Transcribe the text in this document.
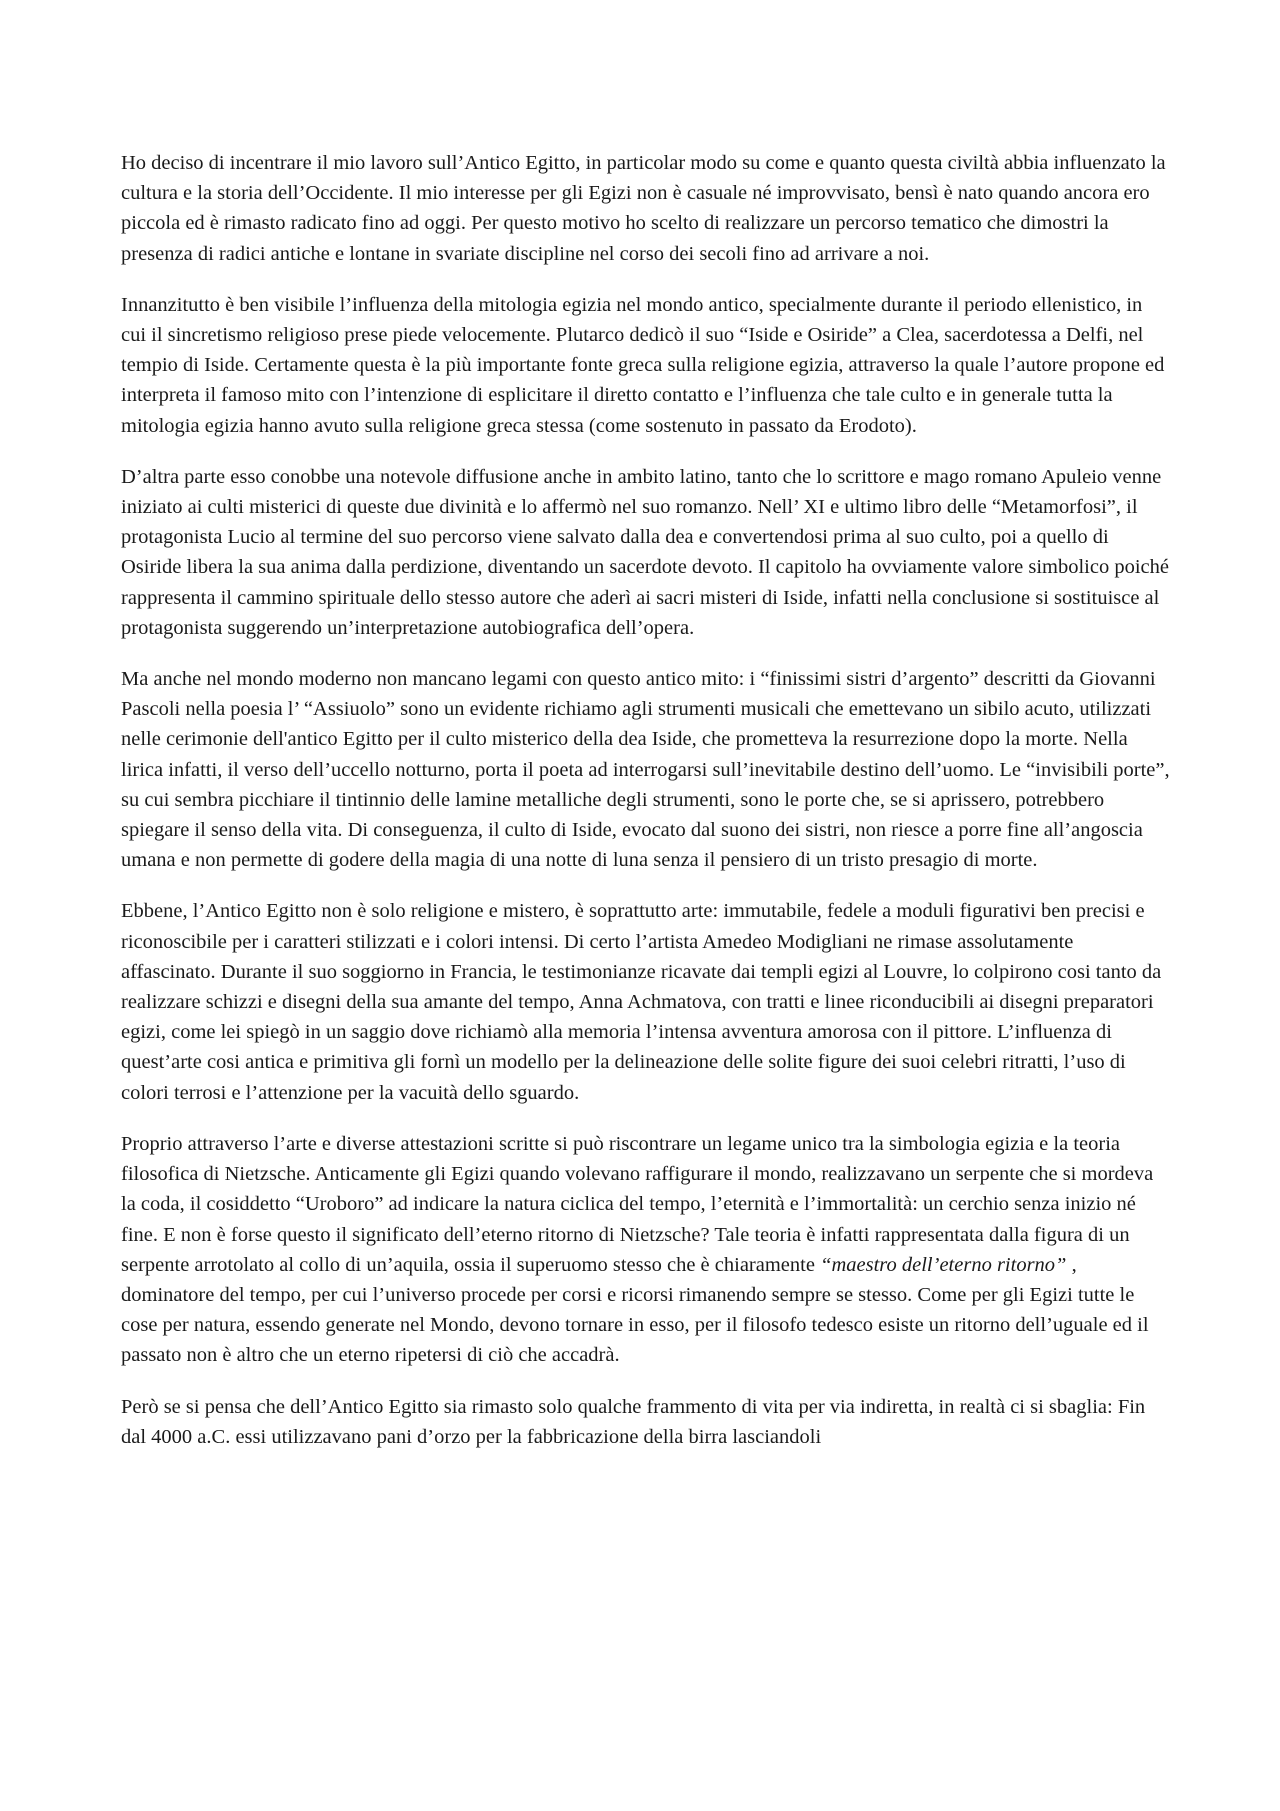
Ho deciso di incentrare il mio lavoro sull’Antico Egitto, in particolar modo su come e quanto questa civiltà abbia influenzato la cultura e la storia dell’Occidente. Il mio interesse per gli Egizi non è casuale né improvvisato, bensì è nato quando ancora ero piccola ed è rimasto radicato fino ad oggi. Per questo motivo ho scelto di realizzare un percorso tematico che dimostri la presenza di radici antiche e lontane in svariate discipline nel corso dei secoli fino ad arrivare a noi.

Innanzitutto è ben visibile l’influenza della mitologia egizia nel mondo antico, specialmente durante il periodo ellenistico, in cui il sincretismo religioso prese piede velocemente. Plutarco dedicò il suo “Iside e Osiride” a Clea, sacerdotessa a Delfi, nel tempio di Iside. Certamente questa è la più importante fonte greca sulla religione egizia, attraverso la quale l’autore propone ed interpreta il famoso mito con l’intenzione di esplicitare il diretto contatto e l’influenza che tale culto e in generale tutta la mitologia egizia hanno avuto sulla religione greca stessa (come sostenuto in passato da Erodoto).

D’altra parte esso conobbe una notevole diffusione anche in ambito latino, tanto che lo scrittore e mago romano Apuleio venne iniziato ai culti misterici di queste due divinità e lo affermò nel suo romanzo. Nell’ XI e ultimo libro delle “Metamorfosi”, il protagonista Lucio al termine del suo percorso viene salvato dalla dea e convertendosi prima al suo culto, poi a quello di Osiride libera la sua anima dalla perdizione, diventando un sacerdote devoto. Il capitolo ha ovviamente valore simbolico poiché rappresenta il cammino spirituale dello stesso autore che aderì ai sacri misteri di Iside, infatti nella conclusione si sostituisce al protagonista suggerendo un’interpretazione autobiografica dell’opera.

Ma anche nel mondo moderno non mancano legami con questo antico mito: i “finissimi sistri d’argento” descritti da Giovanni Pascoli nella poesia l’ “Assiuolo” sono un evidente richiamo agli strumenti musicali che emettevano un sibilo acuto, utilizzati nelle cerimonie dell'antico Egitto per il culto misterico della dea Iside, che prometteva la resurrezione dopo la morte. Nella lirica infatti, il verso dell’uccello notturno, porta il poeta ad interrogarsi sull’inevitabile destino dell’uomo. Le “invisibili porte”, su cui sembra picchiare il tintinnio delle lamine metalliche degli strumenti, sono le porte che, se si aprissero, potrebbero spiegare il senso della vita. Di conseguenza, il culto di Iside, evocato dal suono dei sistri, non riesce a porre fine all’angoscia umana e non permette di godere della magia di una notte di luna senza il pensiero di un tristo presagio di morte.

Ebbene, l’Antico Egitto non è solo religione e mistero, è soprattutto arte: immutabile, fedele a moduli figurativi ben precisi e riconoscibile per i caratteri stilizzati e i colori intensi. Di certo l’artista Amedeo Modigliani ne rimase assolutamente affascinato. Durante il suo soggiorno in Francia, le testimonianze ricavate dai templi egizi al Louvre, lo colpirono cosi tanto da realizzare schizzi e disegni della sua amante del tempo, Anna Achmatova, con tratti e linee riconducibili ai disegni preparatori egizi, come lei spiegò in un saggio dove richiamò alla memoria l’intensa avventura amorosa con il pittore. L’influenza di quest’arte cosi antica e primitiva gli fornì un modello per la delineazione delle solite figure dei suoi celebri ritratti, l’uso di colori terrosi e l’attenzione per la vacuità dello sguardo.

Proprio attraverso l’arte e diverse attestazioni scritte si può riscontrare un legame unico tra la simbologia egizia e la teoria filosofica di Nietzsche. Anticamente gli Egizi quando volevano raffigurare il mondo, realizzavano un serpente che si mordeva la coda, il cosiddetto “Uroboro” ad indicare la natura ciclica del tempo, l’eternità e l’immortalità: un cerchio senza inizio né fine. E non è forse questo il significato dell’eterno ritorno di Nietzsche? Tale teoria è infatti rappresentata dalla figura di un serpente arrotolato al collo di un’aquila, ossia il superuomo stesso che è chiaramente “maestro dell’eterno ritorno” , dominatore del tempo, per cui l’universo procede per corsi e ricorsi rimanendo sempre se stesso. Come per gli Egizi tutte le cose per natura, essendo generate nel Mondo, devono tornare in esso, per il filosofo tedesco esiste un ritorno dell’uguale ed il passato non è altro che un eterno ripetersi di ciò che accadrà.

Però se si pensa che dell’Antico Egitto sia rimasto solo qualche frammento di vita per via indiretta, in realtà ci si sbaglia: Fin dal 4000 a.C. essi utilizzavano pani d’orzo per la fabbricazione della birra lasciandoli
